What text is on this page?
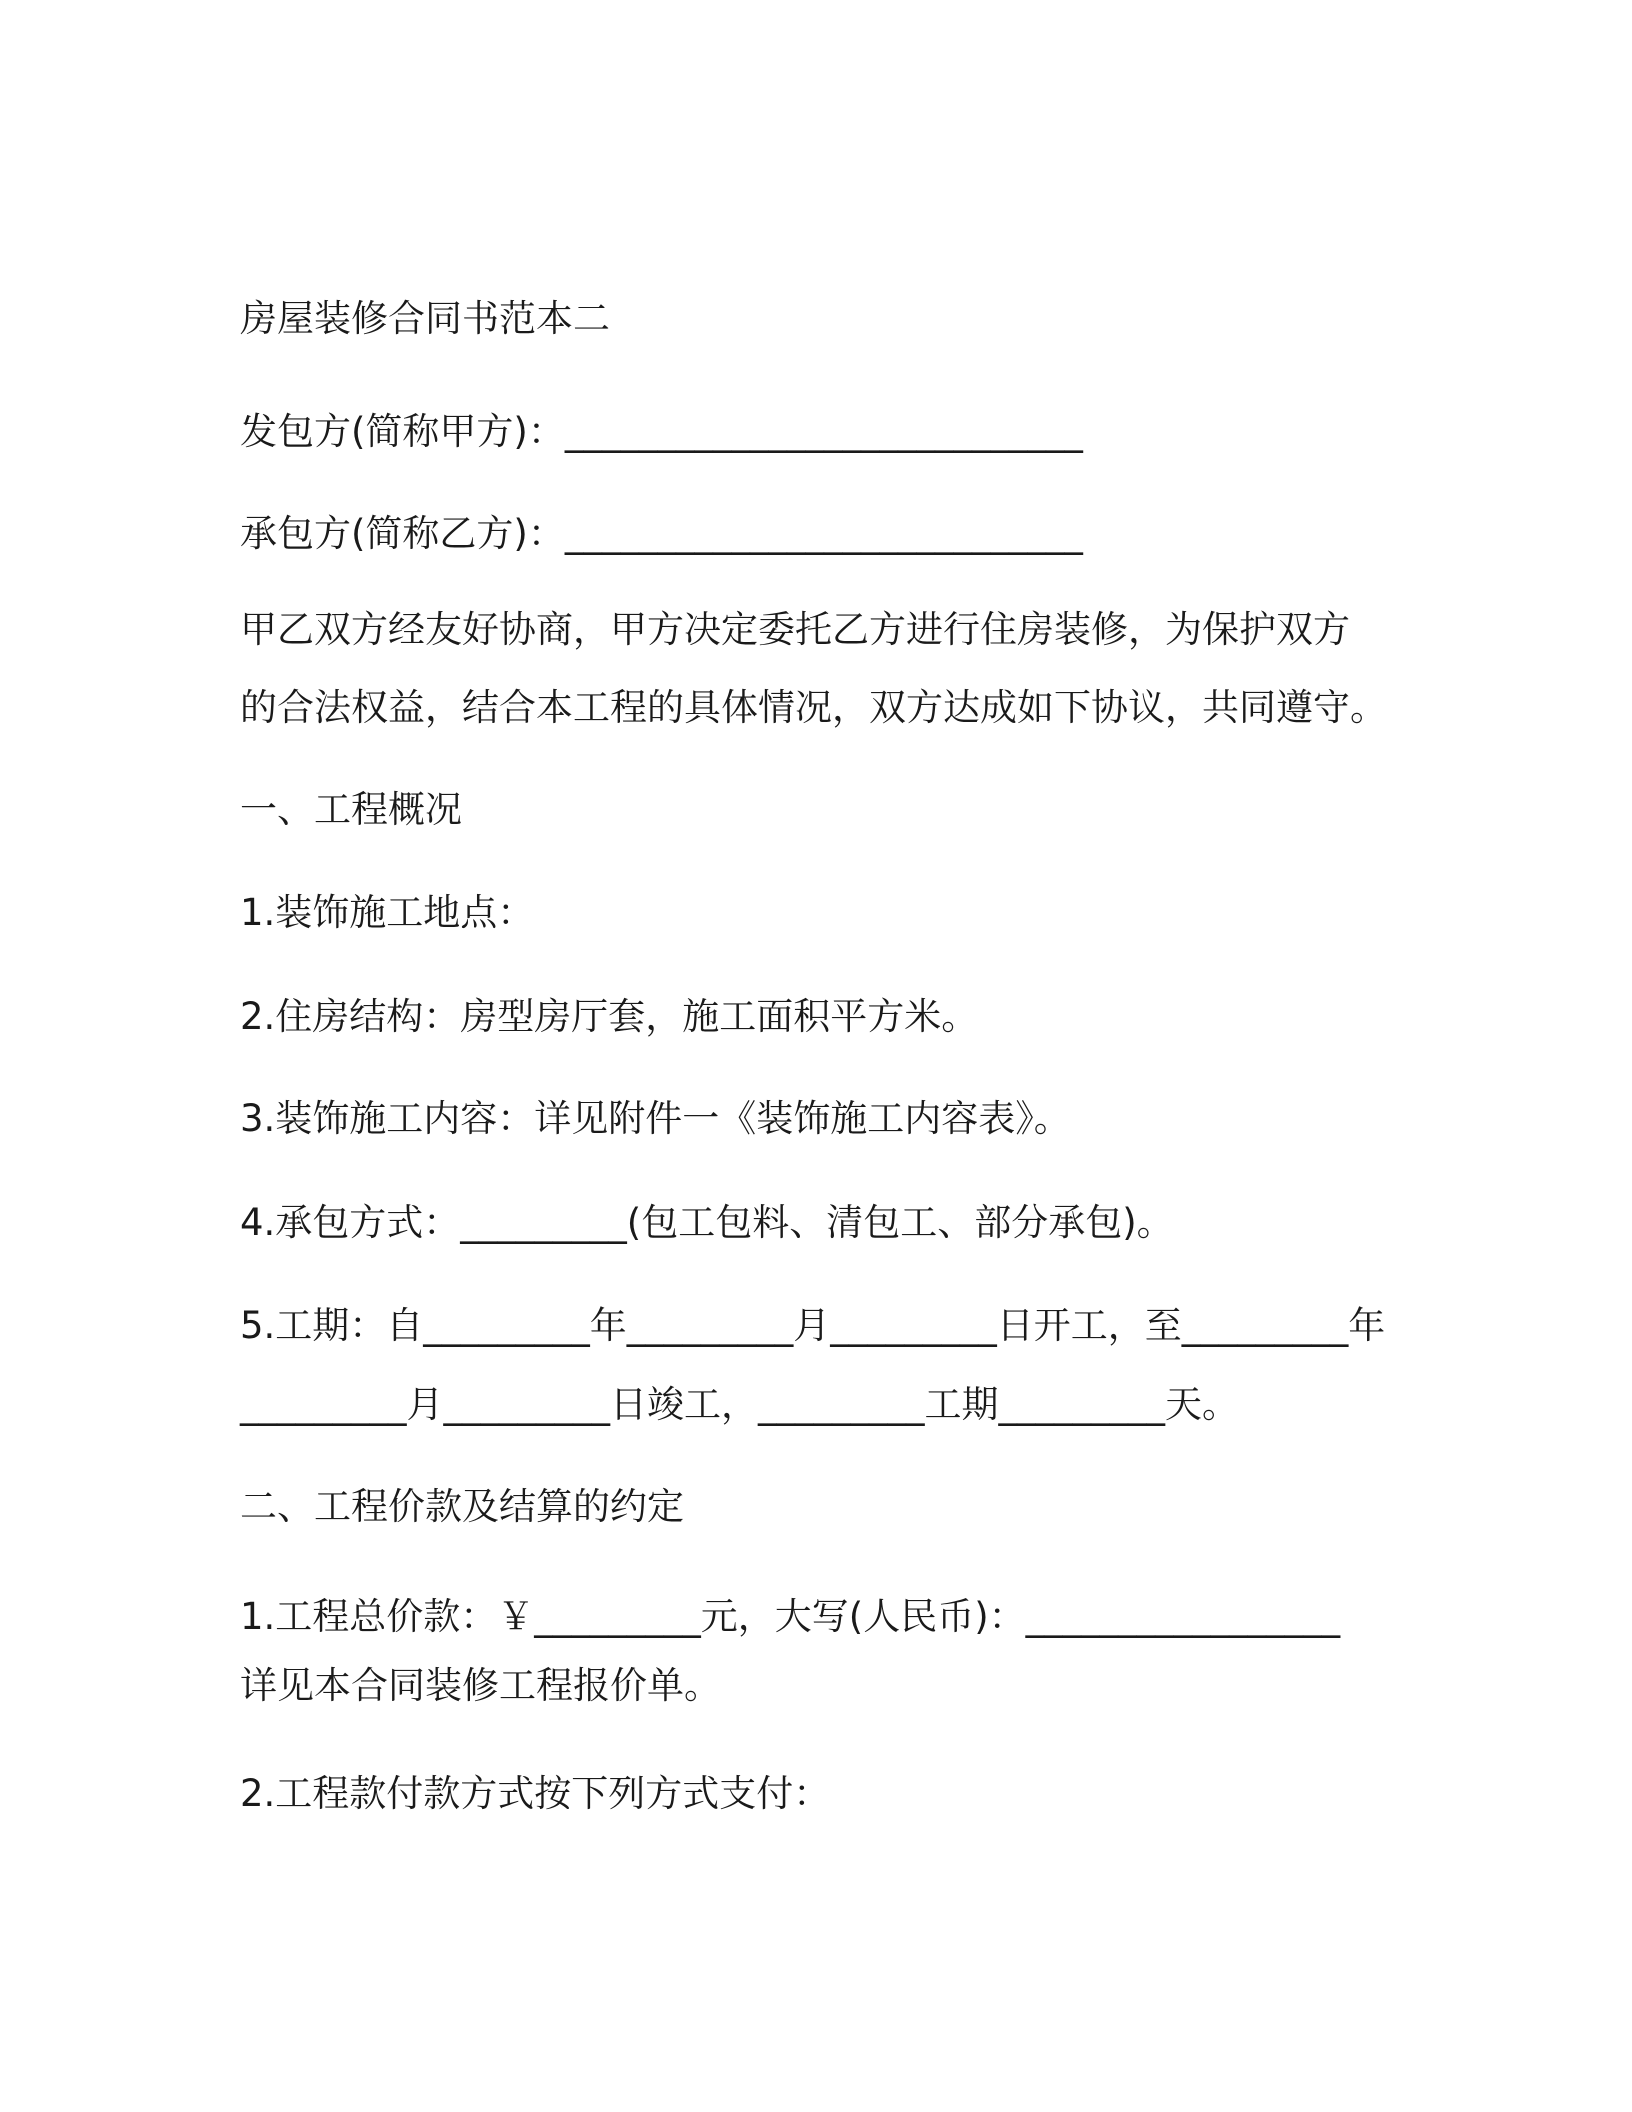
房屋装修合同书范本二
发包方(简称甲方)：____________________________
承包方(简称乙方)：____________________________
甲乙双方经友好协商，甲方决定委托乙方进行住房装修，为保护双方
的合法权益，结合本工程的具体情况，双方达成如下协议，共同遵守。
一、工程概况
1.装饰施工地点：
2.住房结构：房型房厅套，施工面积平方米。
3.装饰施工内容：详见附件一《装饰施工内容表》。
4.承包方式：_________(包工包料、清包工、部分承包)。
5.工期：自_________年_________月_________日开工，至_________年
_________月_________日竣工，_________工期_________天。
二、工程价款及结算的约定
1.工程总价款：￥_________元，大写(人民币)：_________________
详见本合同装修工程报价单。
2.工程款付款方式按下列方式支付：
